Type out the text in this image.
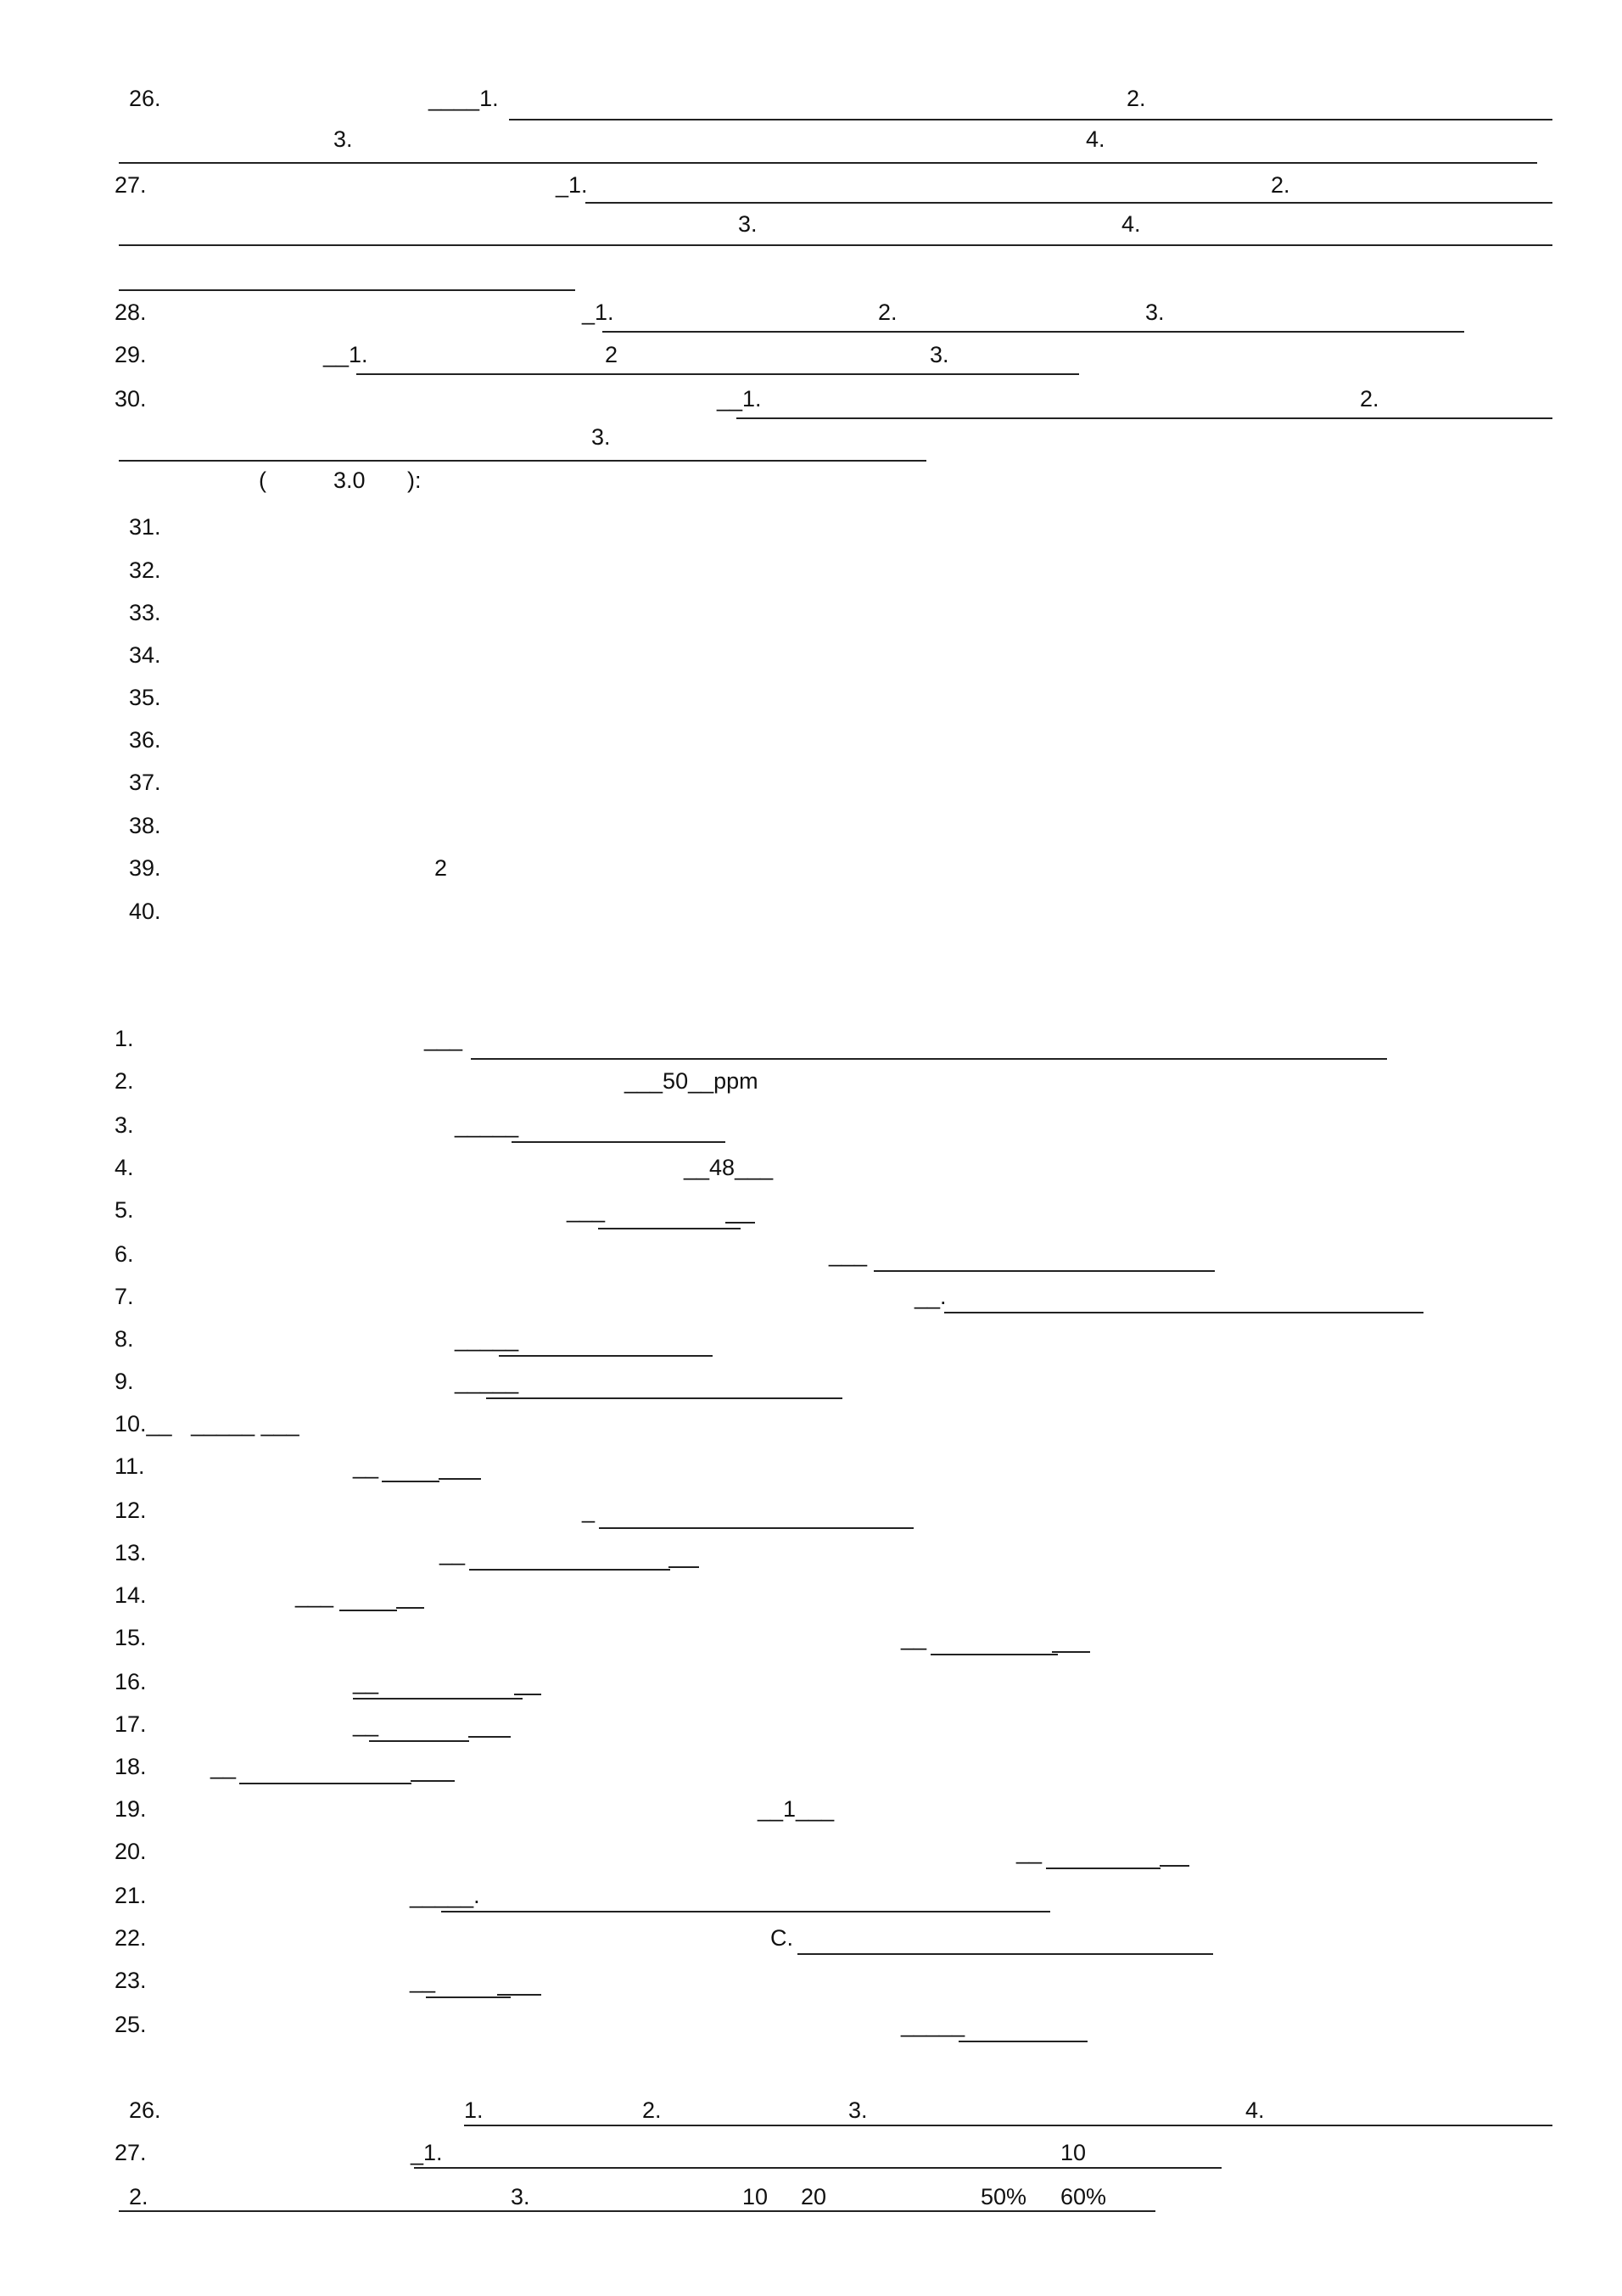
26.	____1.	2.
3.	4.
27.	_1.	2.
3.	4.
28.	_1.	2.	3.
29.	__1.	2	3.
30.	__1.	2.
3.
(	3.0 ):
31.
32.
33.
34.
35.
36.
37.
38.
39.	2
40.
1.	___
2.	___50__ppm
3.	_____
4.	__48___
5.	___
6.	___
7.	__.
8.	_____
9.	_____
10.__   _____ ___
11.	__
12.	_
13.	__
14.	___
15.	__
16.	__
17.	__
18.	__
19.	__1___
20.	__
21.	_____.
22.	C.
23.	__
25.	_____
26.	1.	2.	3.	4.
27.	_1.	10
2.	3.	10 20	50% 60%
